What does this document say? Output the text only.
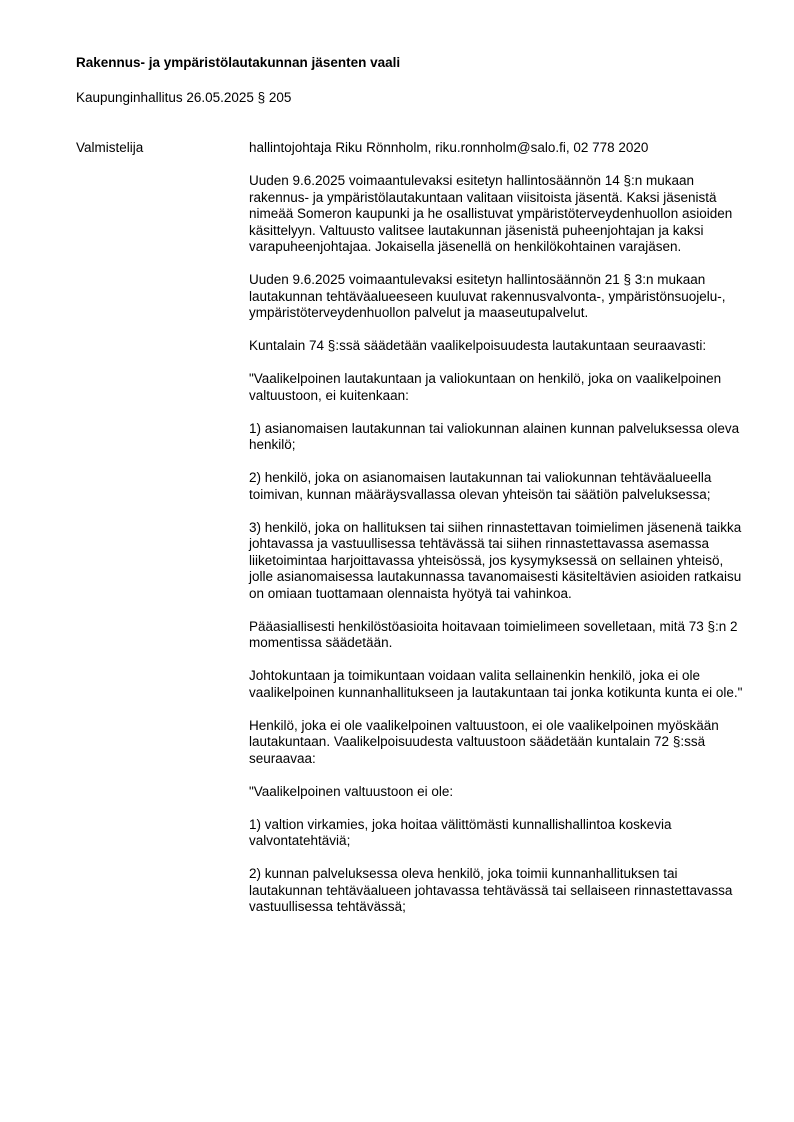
Rakennus- ja ympäristölautakunnan jäsenten vaali

Kaupunginhallitus 26.05.2025 § 205

Valmistelija	hallintojohtaja Riku Rönnholm, riku.ronnholm@salo.fi, 02 778 2020

Uuden 9.6.2025 voimaantulevaksi esitetyn hallintosäännön 14 §:n mukaan rakennus- ja ympäristölautakuntaan valitaan viisitoista jäsentä. Kaksi jäsenistä nimeää Someron kaupunki ja he osallistuvat ympäristöterveydenhuollon asioiden käsittelyyn. Valtuusto valitsee lautakunnan jäsenistä puheenjohtajan ja kaksi varapuheenjohtajaa. Jokaisella jäsenellä on henkilökohtainen varajäsen.

Uuden 9.6.2025 voimaantulevaksi esitetyn hallintosäännön 21 § 3:n mukaan lautakunnan tehtäväalueeseen kuuluvat rakennusvalvonta-, ympäristönsuojelu-, ympäristöterveydenhuollon palvelut ja maaseutupalvelut.

Kuntalain 74 §:ssä säädetään vaalikelpoisuudesta lautakuntaan seuraavasti:

"Vaalikelpoinen lautakuntaan ja valiokuntaan on henkilö, joka on vaalikelpoinen valtuustoon, ei kuitenkaan:

1) asianomaisen lautakunnan tai valiokunnan alainen kunnan palveluksessa oleva henkilö;

2) henkilö, joka on asianomaisen lautakunnan tai valiokunnan tehtäväalueella toimivan, kunnan määräysvallassa olevan yhteisön tai säätiön palveluksessa;

3) henkilö, joka on hallituksen tai siihen rinnastettavan toimielimen jäsenenä taikka johtavassa ja vastuullisessa tehtävässä tai siihen rinnastettavassa asemassa liiketoimintaa harjoittavassa yhteisössä, jos kysymyksessä on sellainen yhteisö, jolle asianomaisessa lautakunnassa tavanomaisesti käsiteltävien asioiden ratkaisu on omiaan tuottamaan olennaista hyötyä tai vahinkoa.

Pääasiallisesti henkilöstöasioita hoitavaan toimielimeen sovelletaan, mitä 73 §:n 2 momentissa säädetään.

Johtokuntaan ja toimikuntaan voidaan valita sellainenkin henkilö, joka ei ole vaalikelpoinen kunnanhallitukseen ja lautakuntaan tai jonka kotikunta kunta ei ole."

Henkilö, joka ei ole vaalikelpoinen valtuustoon, ei ole vaalikelpoinen myöskään lautakuntaan. Vaalikelpoisuudesta valtuustoon säädetään kuntalain 72 §:ssä seuraavaa:

"Vaalikelpoinen valtuustoon ei ole:

1) valtion virkamies, joka hoitaa välittömästi kunnallishallintoa koskevia valvontatehtäviä;

2) kunnan palveluksessa oleva henkilö, joka toimii kunnanhallituksen tai lautakunnan tehtäväalueen johtavassa tehtävässä tai sellaiseen rinnastettavassa vastuullisessa tehtävässä;
